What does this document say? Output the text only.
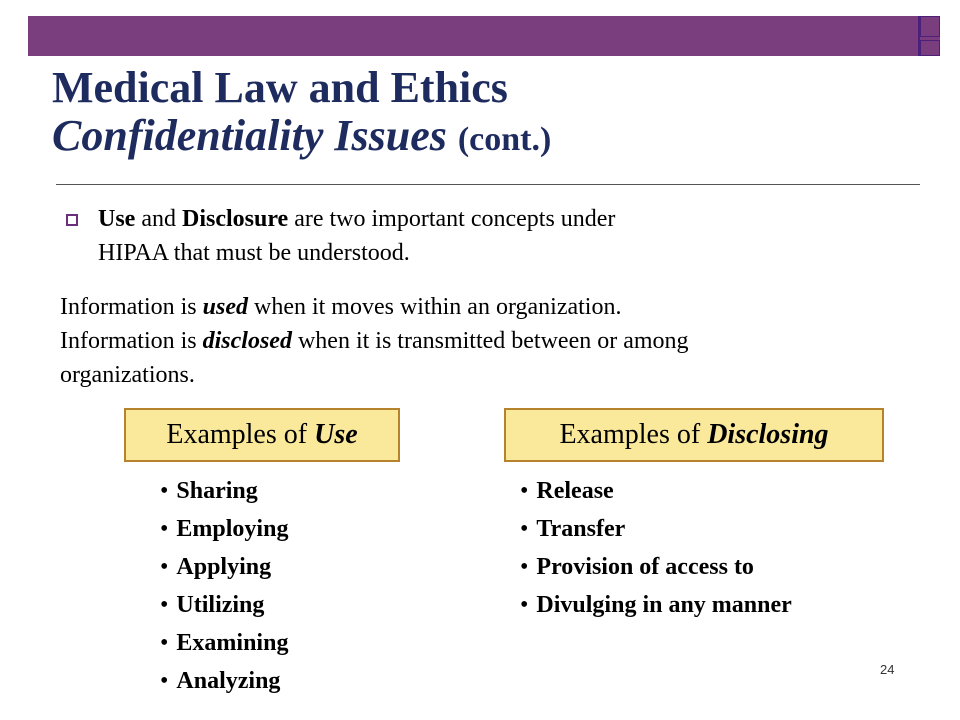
Medical Law and Ethics
Confidentiality Issues (cont.)
Use and Disclosure are two important concepts under
HIPAA that must be understood.
Information is used when it moves within an organization.
Information is disclosed when it is transmitted between or among
organizations.
Examples of Use	Examples of Disclosing
• Sharing
• Employing
• Applying
• Utilizing
• Examining
• Analyzing
• Release
• Transfer
• Provision of access to
• Divulging in any manner
24
